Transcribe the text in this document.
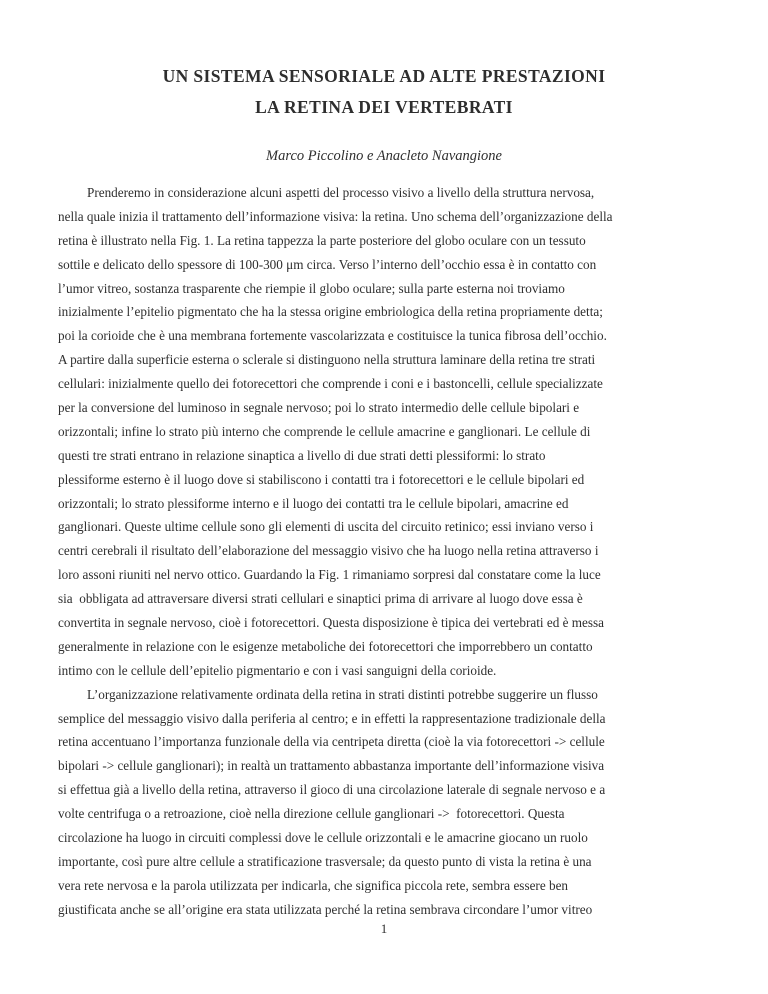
UN SISTEMA SENSORIALE AD ALTE PRESTAZIONI
LA RETINA DEI VERTEBRATI
Marco Piccolino e Anacleto Navangione
Prenderemo in considerazione alcuni aspetti del processo visivo a livello della struttura nervosa,
nella quale inizia il trattamento dell’informazione visiva: la retina. Uno schema dell’organizzazione della
retina è illustrato nella Fig. 1. La retina tappezza la parte posteriore del globo oculare con un tessuto
sottile e delicato dello spessore di 100-300 μm circa. Verso l’interno dell’occhio essa è in contatto con
l’umor vitreo, sostanza trasparente che riempie il globo oculare; sulla parte esterna noi troviamo
inizialmente l’epitelio pigmentato che ha la stessa origine embriologica della retina propriamente detta;
poi la corioide che è una membrana fortemente vascolarizzata e costituisce la tunica fibrosa dell’occhio.
A partire dalla superficie esterna o sclerale si distinguono nella struttura laminare della retina tre strati
cellulari: inizialmente quello dei fotorecettori che comprende i coni e i bastoncelli, cellule specializzate
per la conversione del luminoso in segnale nervoso; poi lo strato intermedio delle cellule bipolari e
orizzontali; infine lo strato più interno che comprende le cellule amacrine e ganglionari. Le cellule di
questi tre strati entrano in relazione sinaptica a livello di due strati detti plessiformi: lo strato
plessiforme esterno è il luogo dove si stabiliscono i contatti tra i fotorecettori e le cellule bipolari ed
orizzontali; lo strato plessiforme interno e il luogo dei contatti tra le cellule bipolari, amacrine ed
ganglionari. Queste ultime cellule sono gli elementi di uscita del circuito retinico; essi inviano verso i
centri cerebrali il risultato dell’elaborazione del messaggio visivo che ha luogo nella retina attraverso i
loro assoni riuniti nel nervo ottico. Guardando la Fig. 1 rimaniamo sorpresi dal constatare come la luce
sia  obbligata ad attraversare diversi strati cellulari e sinaptici prima di arrivare al luogo dove essa è
convertita in segnale nervoso, cioè i fotorecettori. Questa disposizione è tipica dei vertebrati ed è messa
generalmente in relazione con le esigenze metaboliche dei fotorecettori che imporrebbero un contatto
intimo con le cellule dell’epitelio pigmentario e con i vasi sanguigni della corioide.
L’organizzazione relativamente ordinata della retina in strati distinti potrebbe suggerire un flusso
semplice del messaggio visivo dalla periferia al centro; e in effetti la rappresentazione tradizionale della
retina accentuano l’importanza funzionale della via centripeta diretta (cioè la via fotorecettori -> cellule
bipolari -> cellule ganglionari); in realtà un trattamento abbastanza importante dell’informazione visiva
si effettua già a livello della retina, attraverso il gioco di una circolazione laterale di segnale nervoso e a
volte centrifuga o a retroazione, cioè nella direzione cellule ganglionari ->  fotorecettori. Questa
circolazione ha luogo in circuiti complessi dove le cellule orizzontali e le amacrine giocano un ruolo
importante, così pure altre cellule a stratificazione trasversale; da questo punto di vista la retina è una
vera rete nervosa e la parola utilizzata per indicarla, che significa piccola rete, sembra essere ben
giustificata anche se all’origine era stata utilizzata perché la retina sembrava circondare l’umor vitreo
1
